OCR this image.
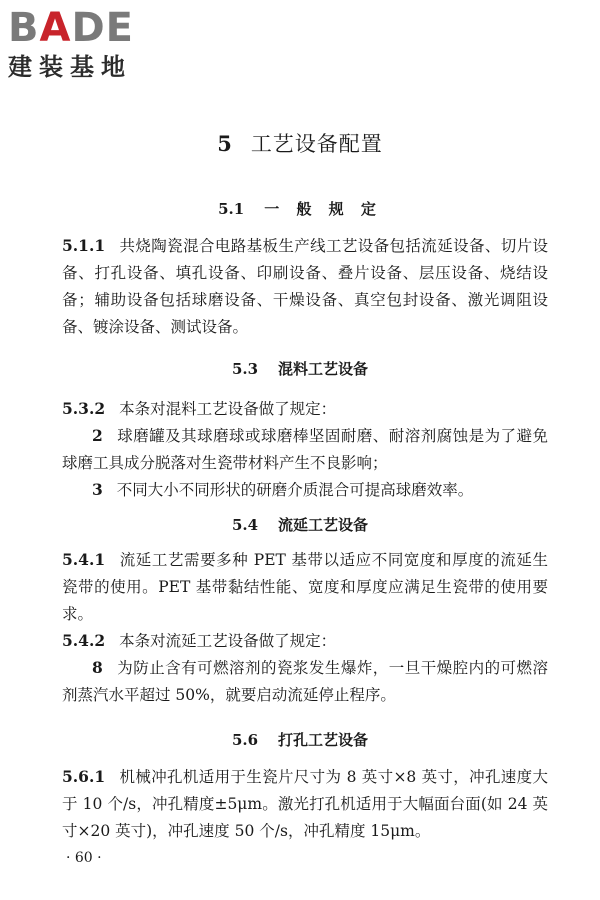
BADE
建装基地
5 工艺设备配置
5.1 一 般 规 定

5.1.1 共烧陶瓷混合电路基板生产线工艺设备包括流延设备、切片设备、打孔设备、填孔设备、印刷设备、叠片设备、层压设备、烧结设备；辅助设备包括球磨设备、干燥设备、真空包封设备、激光调阻设备、镀涂设备、测试设备。

5.3 混料工艺设备

5.3.2 本条对混料工艺设备做了规定：

2 球磨罐及其球磨球或球磨棒坚固耐磨、耐溶剂腐蚀是为了避免球磨工具成分脱落对生瓷带材料产生不良影响；

3 不同大小不同形状的研磨介质混合可提高球磨效率。

5.4 流延工艺设备

5.4.1 流延工艺需要多种 PET 基带以适应不同宽度和厚度的流延生瓷带的使用。PET 基带黏结性能、宽度和厚度应满足生瓷带的使用要求。

5.4.2 本条对流延工艺设备做了规定：

8 为防止含有可燃溶剂的瓷浆发生爆炸，一旦干燥腔内的可燃溶剂蒸汽水平超过 50%，就要启动流延停止程序。

5.6 打孔工艺设备

5.6.1 机械冲孔机适用于生瓷片尺寸为 8 英寸×8 英寸，冲孔速度大于 10 个/s，冲孔精度±5μm。激光打孔机适用于大幅面台面(如 24 英寸×20 英寸)，冲孔速度 50 个/s，冲孔精度 15μm。

· 60 ·
